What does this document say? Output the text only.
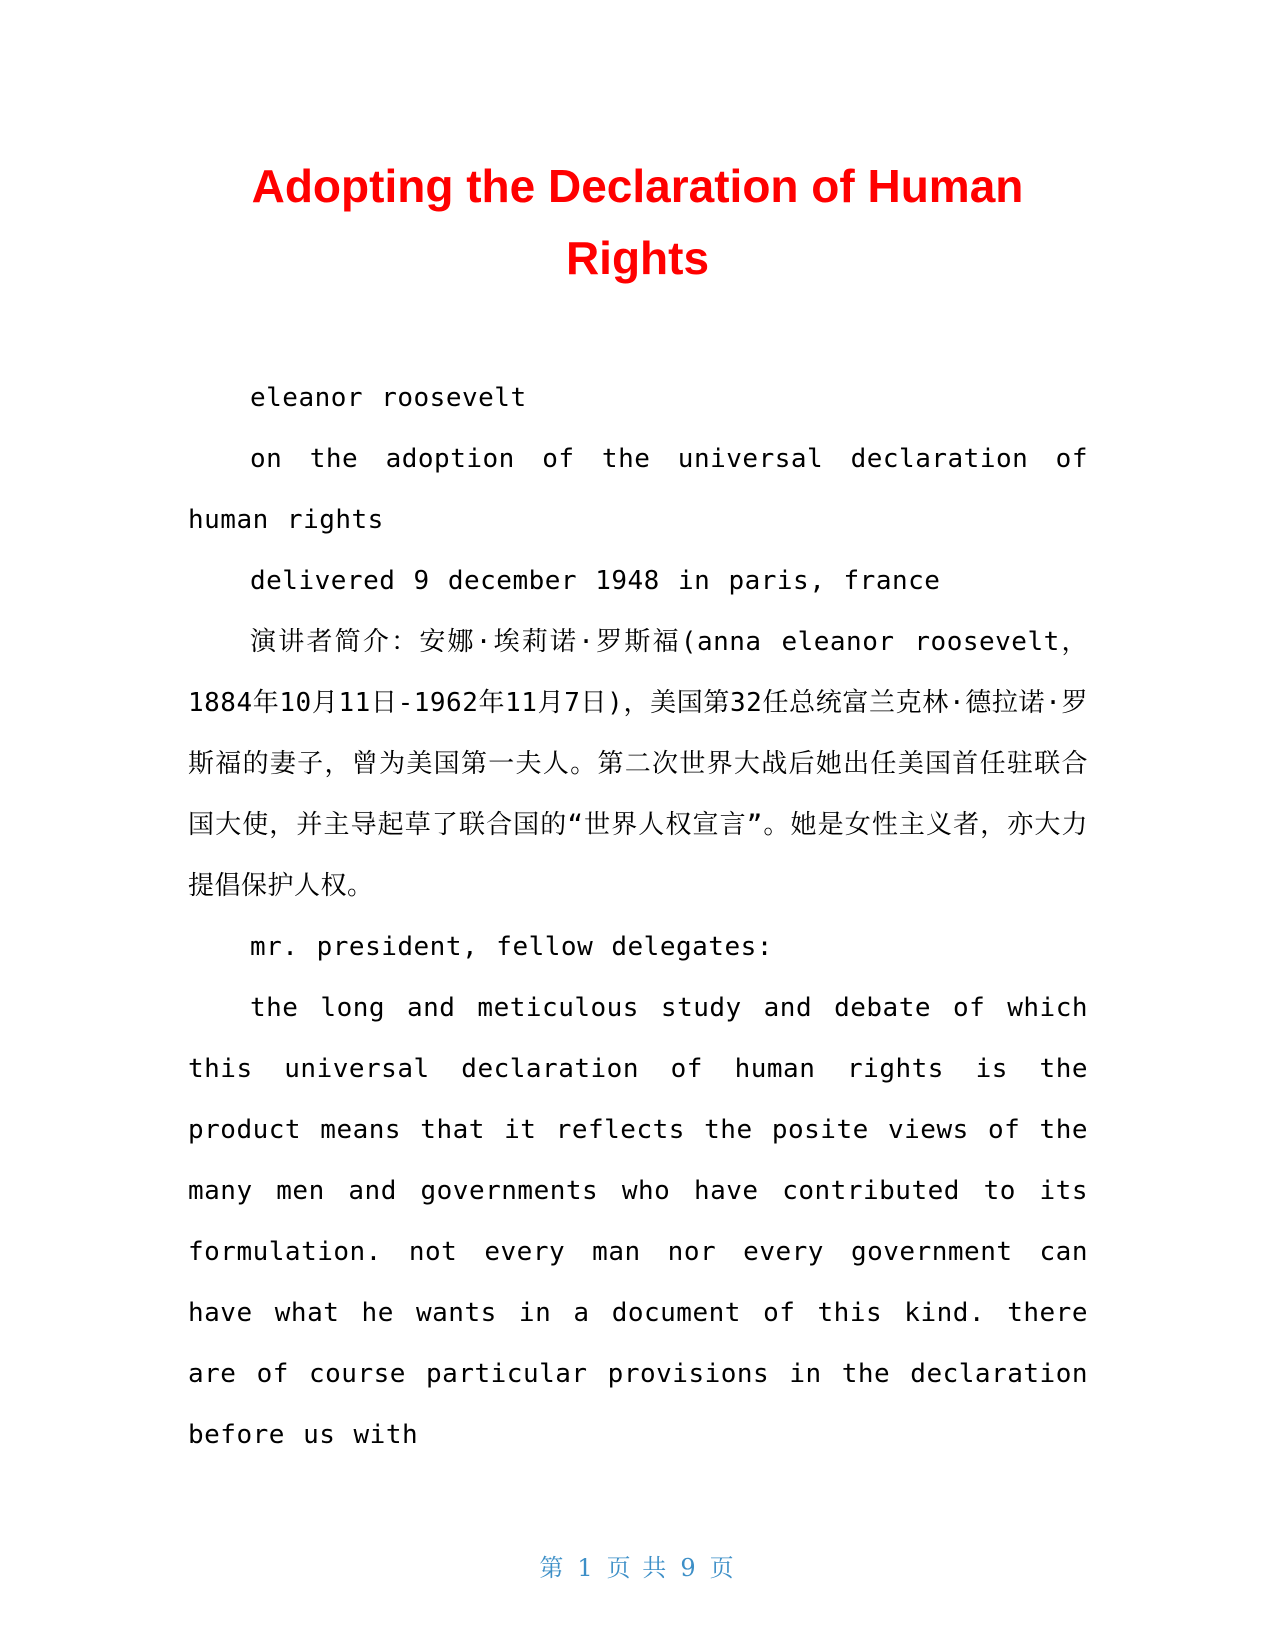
Adopting the Declaration of Human Rights

eleanor roosevelt

on the adoption of the universal declaration of human rights

delivered 9 december 1948 in paris, france

演讲者简介：安娜·埃莉诺·罗斯福(anna eleanor roosevelt，1884年10月11日-1962年11月7日)，美国第32任总统富兰克林·德拉诺·罗斯福的妻子，曾为美国第一夫人。第二次世界大战后她出任美国首任驻联合国大使，并主导起草了联合国的“世界人权宣言”。她是女性主义者，亦大力提倡保护人权。

mr. president, fellow delegates:

the long and meticulous study and debate of which this universal declaration of human rights is the product means that it reflects the posite views of the many men and governments who have contributed to its formulation. not every man nor every government can have what he wants in a document of this kind. there are of course particular provisions in the declaration before us with

第 1 页 共 9 页
